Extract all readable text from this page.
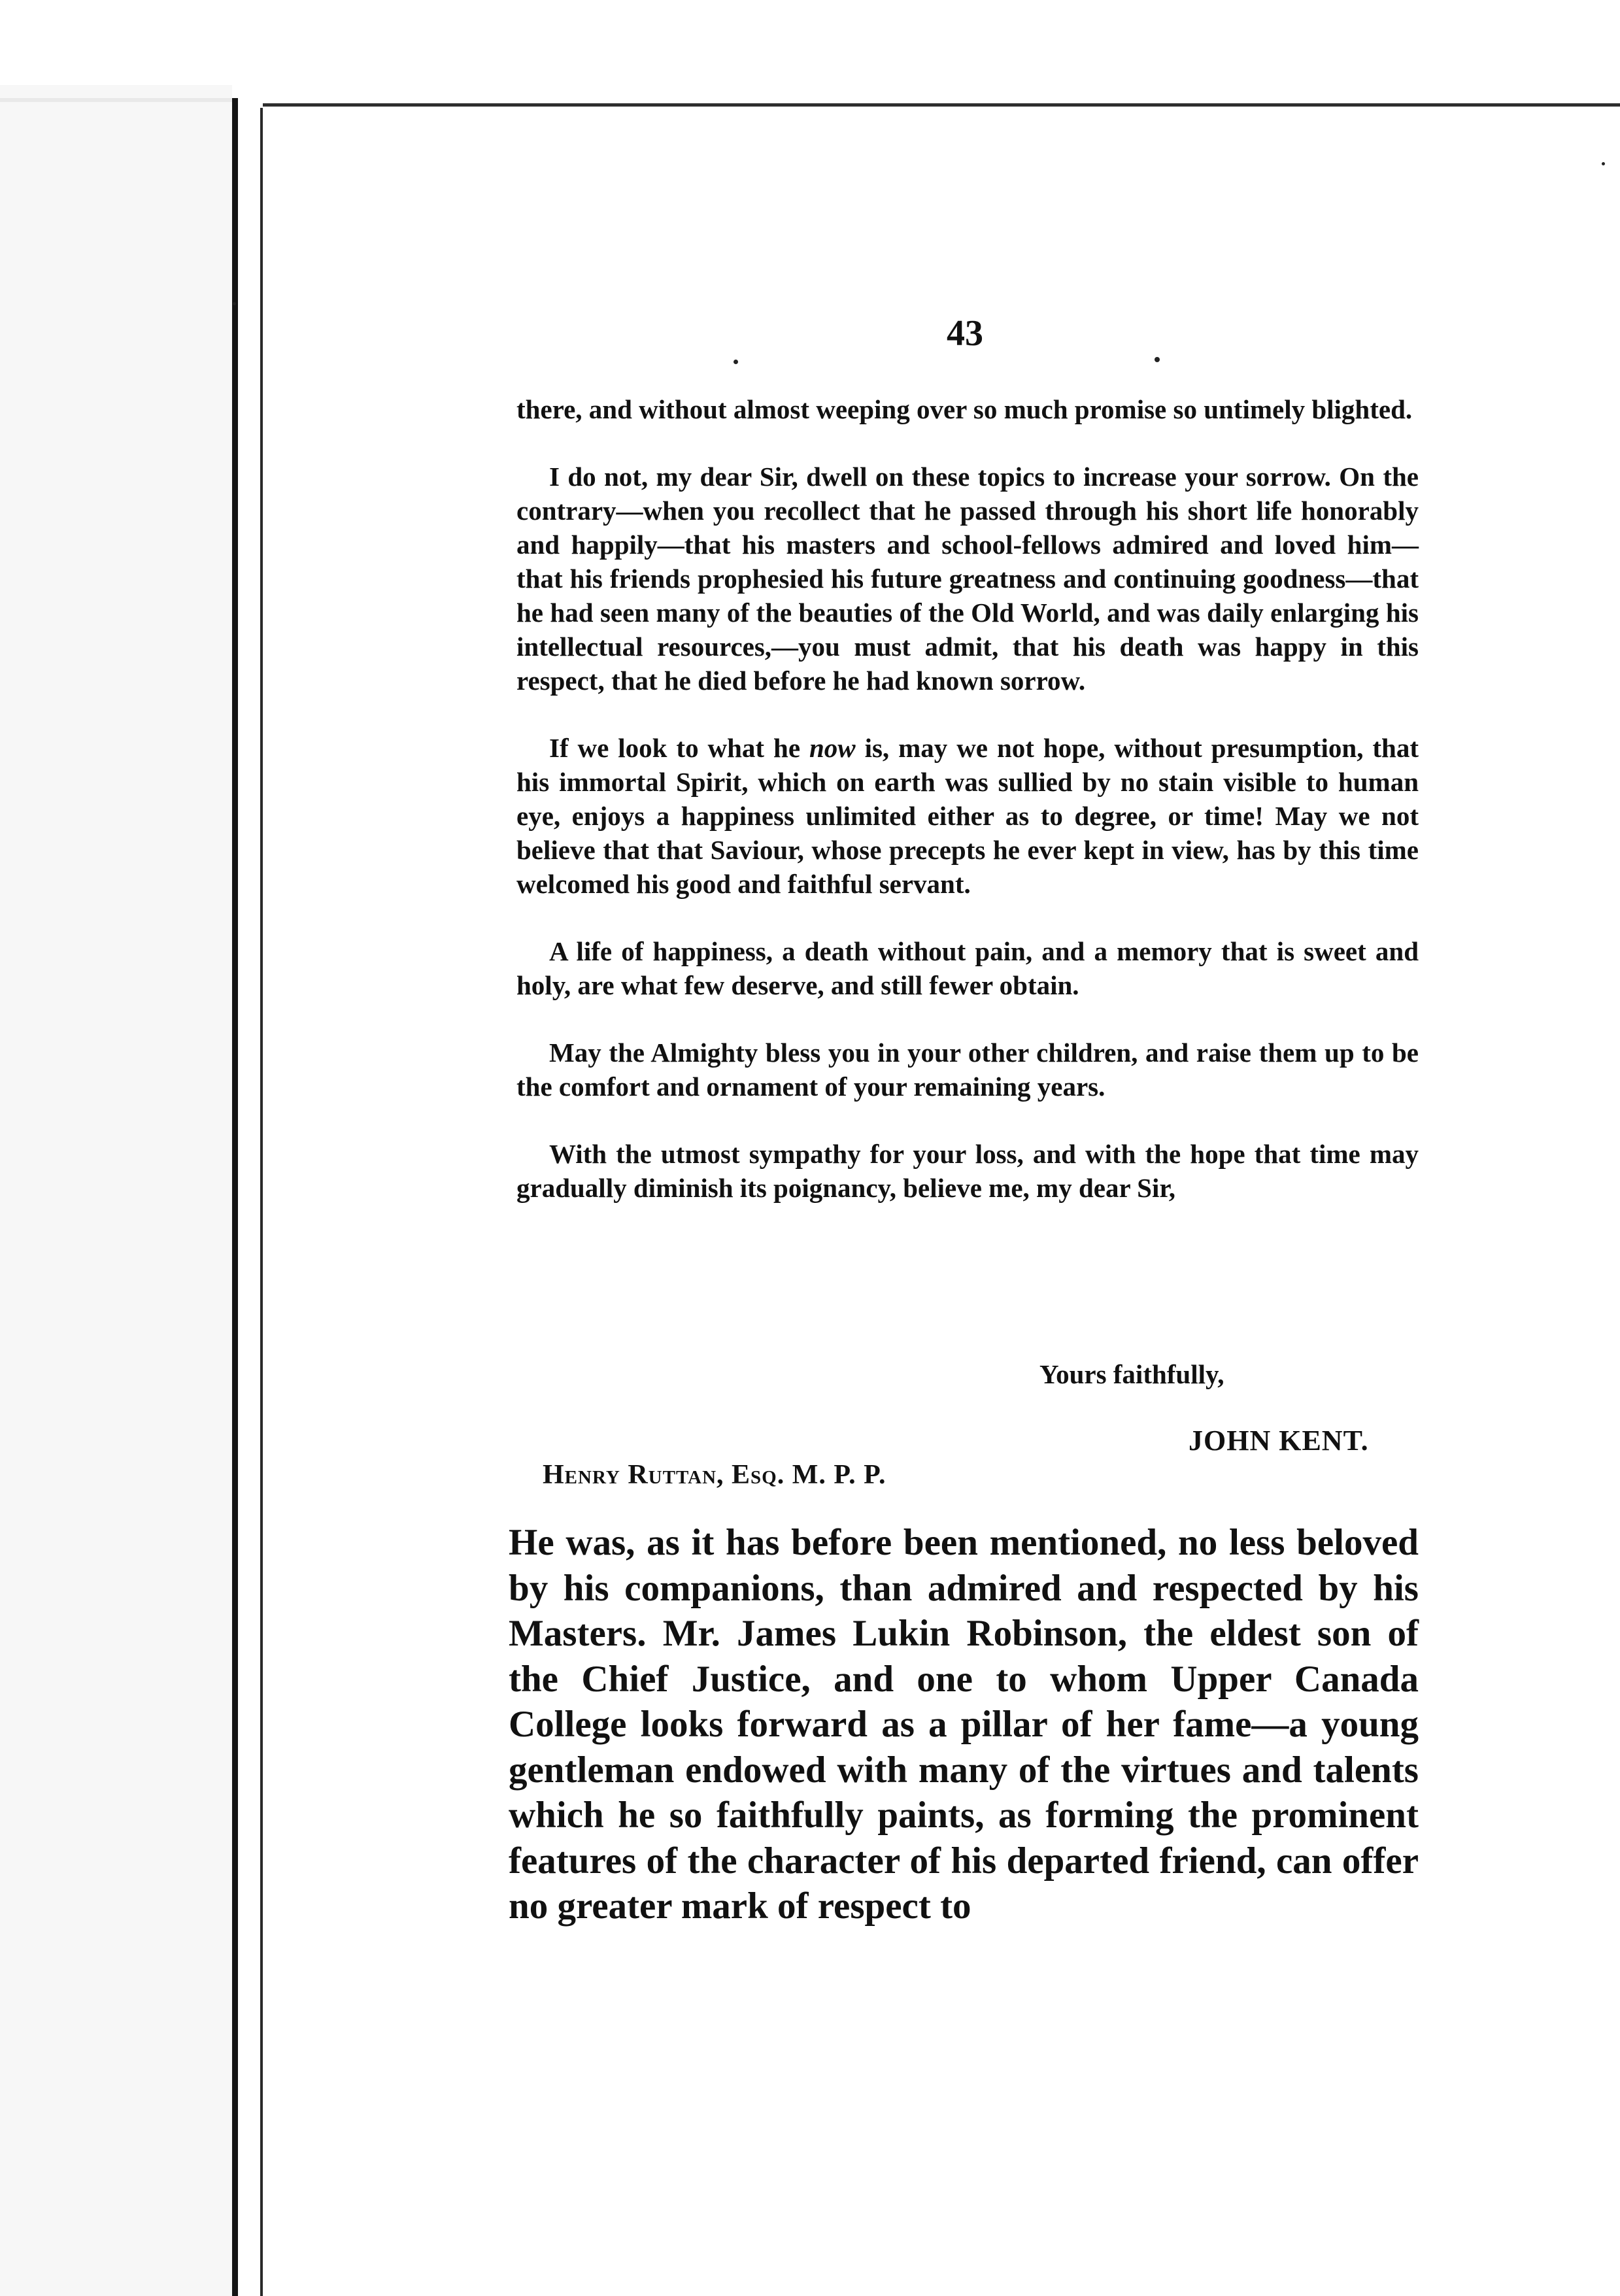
43

there, and without almost weeping over so much promise so untimely blighted.

I do not, my dear Sir, dwell on these topics to increase your sorrow. On the contrary—when you recollect that he passed through his short life honorably and happily—that his masters and school-fellows admired and loved him—that his friends prophesied his future greatness and continuing goodness—that he had seen many of the beauties of the Old World, and was daily enlarging his intellectual resources,—you must admit, that his death was happy in this respect, that he died before he had known sorrow.

If we look to what he now is, may we not hope, without presumption, that his immortal Spirit, which on earth was sullied by no stain visible to human eye, enjoys a happiness unlimited either as to degree, or time! May we not believe that that Saviour, whose precepts he ever kept in view, has by this time welcomed his good and faithful servant.

A life of happiness, a death without pain, and a memory that is sweet and holy, are what few deserve, and still fewer obtain.

May the Almighty bless you in your other children, and raise them up to be the comfort and ornament of your remaining years.

With the utmost sympathy for your loss, and with the hope that time may gradually diminish its poignancy, believe me, my dear Sir,

Yours faithfully,
JOHN KENT.
Henry Ruttan, Esq. M. P. P.
He was, as it has before been mentioned, no less beloved by his companions, than admired and respected by his Masters. Mr. James Lukin Robinson, the eldest son of the Chief Justice, and one to whom Upper Canada College looks forward as a pillar of her fame—a young gentleman endowed with many of the virtues and talents which he so faithfully paints, as forming the prominent features of the character of his departed friend, can offer no greater mark of respect to
